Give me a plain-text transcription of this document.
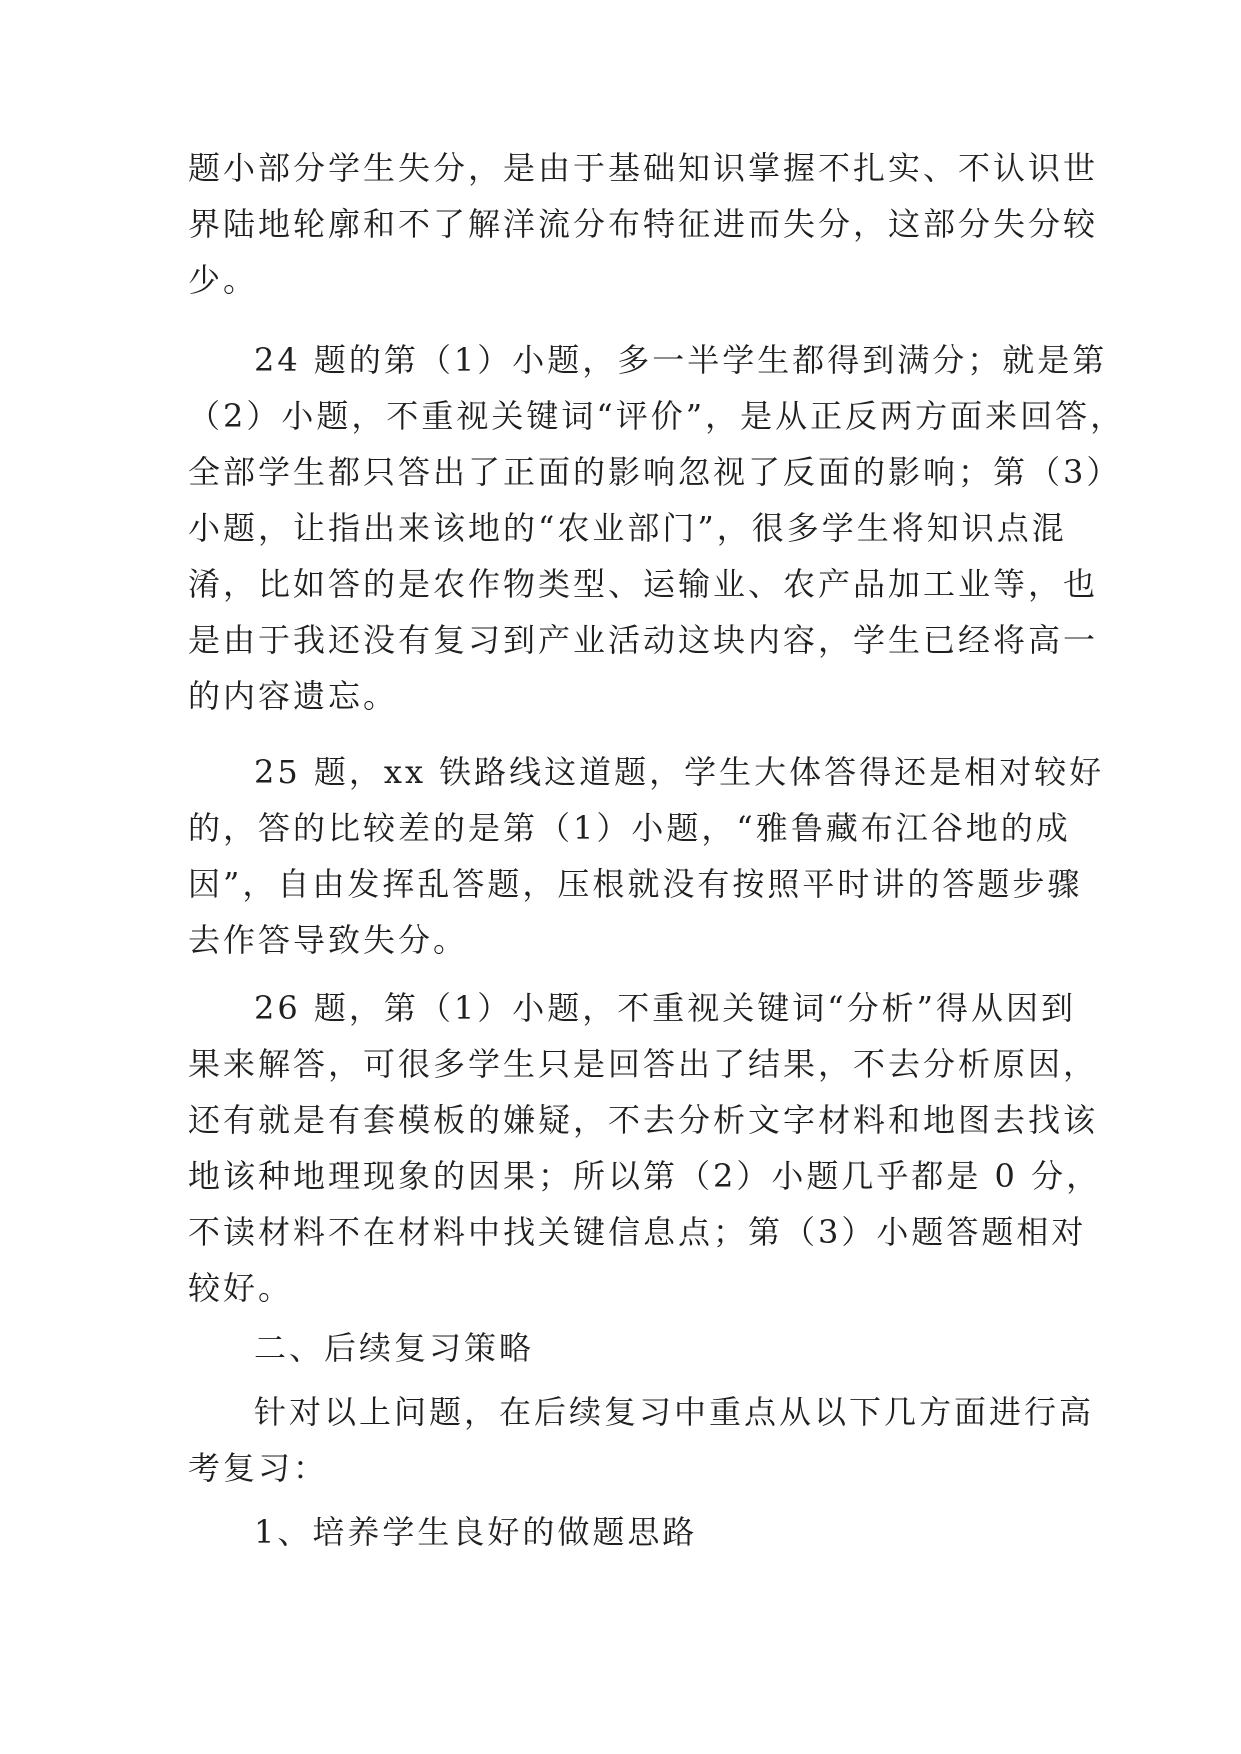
题小部分学生失分，是由于基础知识掌握不扎实、不认识世
界陆地轮廓和不了解洋流分布特征进而失分，这部分失分较
少。
24 题的第（1）小题，多一半学生都得到满分；就是第
（2）小题，不重视关键词“评价”，是从正反两方面来回答，
全部学生都只答出了正面的影响忽视了反面的影响；第（3）
小题，让指出来该地的“农业部门”，很多学生将知识点混
淆，比如答的是农作物类型、运输业、农产品加工业等，也
是由于我还没有复习到产业活动这块内容，学生已经将高一
的内容遗忘。
25 题，xx 铁路线这道题，学生大体答得还是相对较好
的，答的比较差的是第（1）小题，“雅鲁藏布江谷地的成
因”，自由发挥乱答题，压根就没有按照平时讲的答题步骤
去作答导致失分。
26 题，第（1）小题，不重视关键词“分析”得从因到
果来解答，可很多学生只是回答出了结果，不去分析原因，
还有就是有套模板的嫌疑，不去分析文字材料和地图去找该
地该种地理现象的因果；所以第（2）小题几乎都是 0 分，
不读材料不在材料中找关键信息点；第（3）小题答题相对
较好。
二、后续复习策略
针对以上问题，在后续复习中重点从以下几方面进行高
考复习：
1、培养学生良好的做题思路
